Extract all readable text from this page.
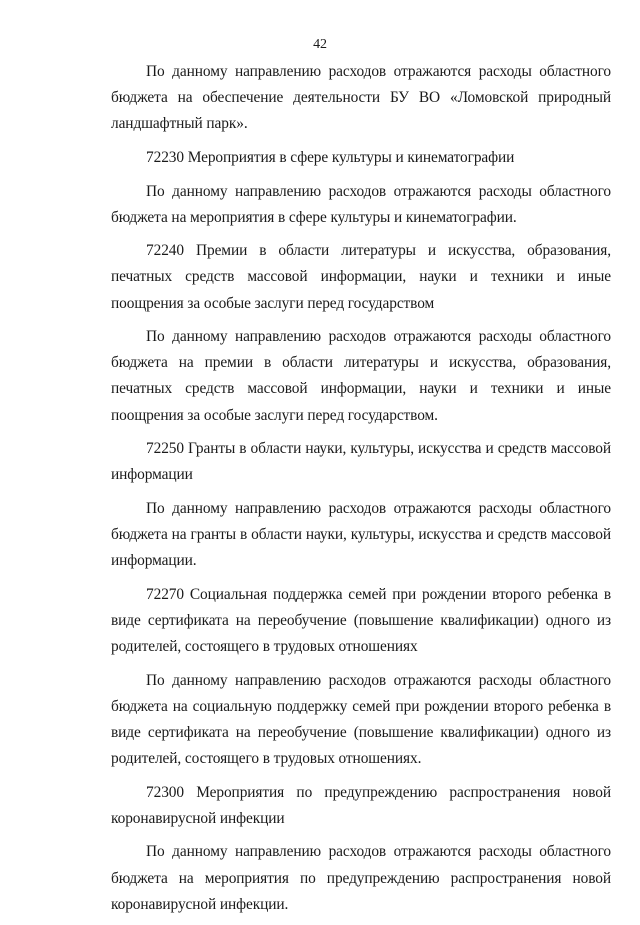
42

По данному направлению расходов отражаются расходы областного бюджета на обеспечение деятельности БУ ВО «Ломовской природный ландшафтный парк».

72230 Мероприятия в сфере культуры и кинематографии

По данному направлению расходов отражаются расходы областного бюджета на мероприятия в сфере культуры и кинематографии.

72240 Премии в области литературы и искусства, образования, печатных средств массовой информации, науки и техники и иные поощрения за особые заслуги перед государством

По данному направлению расходов отражаются расходы областного бюджета на премии в области литературы и искусства, образования, печатных средств массовой информации, науки и техники и иные поощрения за особые заслуги перед государством.

72250 Гранты в области науки, культуры, искусства и средств массовой информации

По данному направлению расходов отражаются расходы областного бюджета на гранты в области науки, культуры, искусства и средств массовой информации.

72270 Социальная поддержка семей при рождении второго ребенка в виде сертификата на переобучение (повышение квалификации) одного из родителей, состоящего в трудовых отношениях

По данному направлению расходов отражаются расходы областного бюджета на социальную поддержку семей при рождении второго ребенка в виде сертификата на переобучение (повышение квалификации) одного из родителей, состоящего в трудовых отношениях.

72300 Мероприятия по предупреждению распространения новой коронавирусной инфекции

По данному направлению расходов отражаются расходы областного бюджета на мероприятия по предупреждению распространения новой коронавирусной инфекции.
